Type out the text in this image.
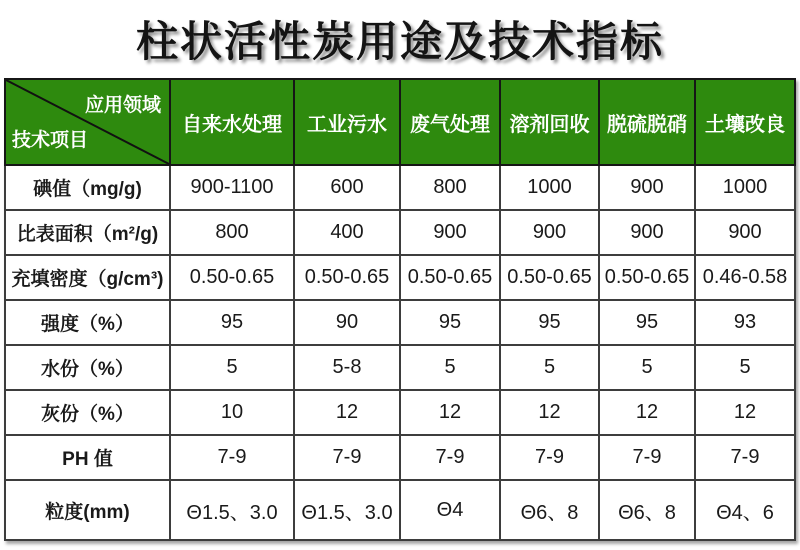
柱状活性炭用途及技术指标
应用领域
技术项目	自来水处理	工业污水	废气处理	溶剂回收	脱硫脱硝	土壤改良
碘值（mg/g)	900-1100	600	800	1000	900	1000
比表面积（m²/g)	800	400	900	900	900	900
充填密度（g/cm³)	0.50-0.65	0.50-0.65	0.50-0.65	0.50-0.65	0.50-0.65	0.46-0.58
强度（%）	95	90	95	95	95	93
水份（%）	5	5-8	5	5	5	5
灰份（%）	10	12	12	12	12	12
PH 值	7-9	7-9	7-9	7-9	7-9	7-9
粒度(mm)	Θ1.5、3.0	Θ1.5、3.0	Θ4	Θ6、8	Θ6、8	Θ4、6
